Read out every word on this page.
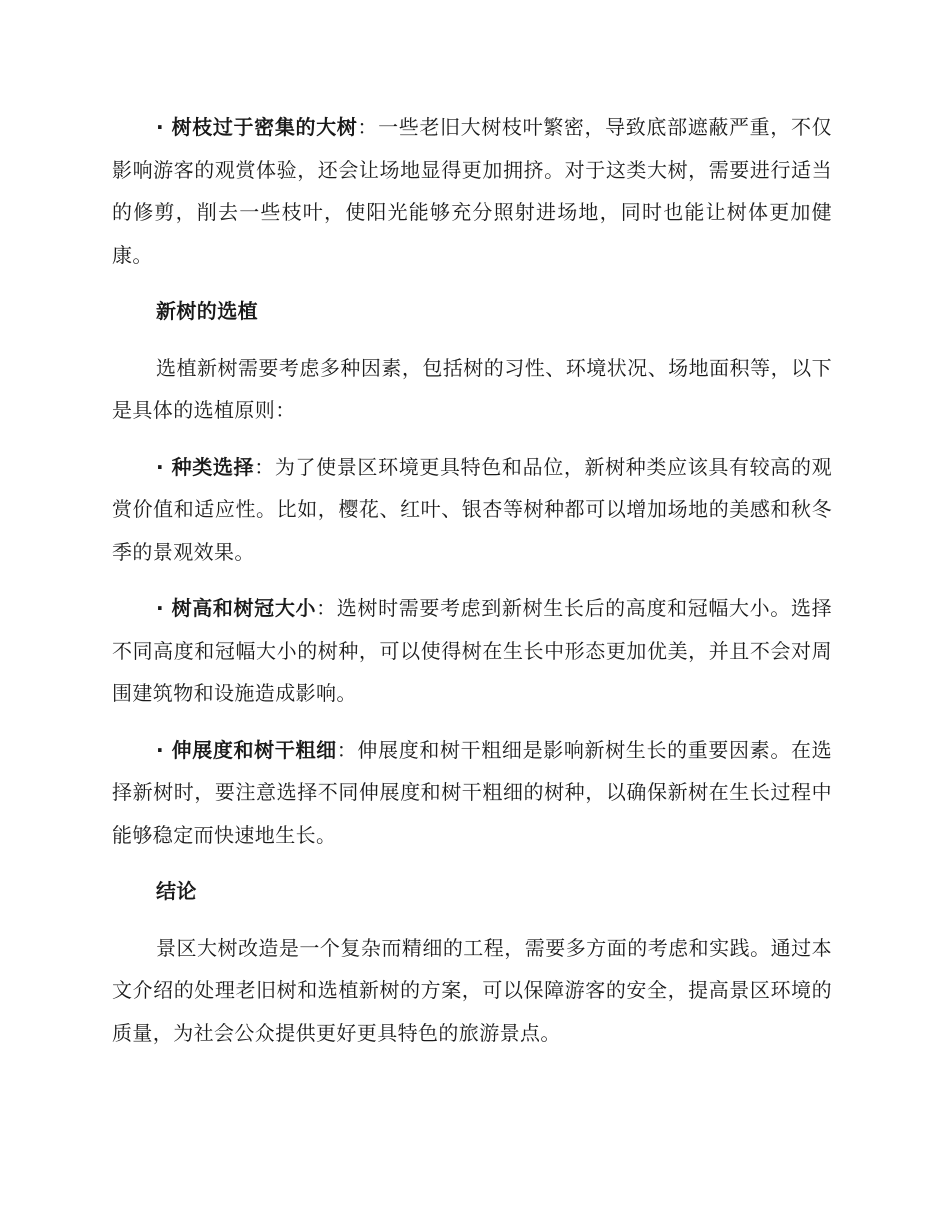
· 树枝过于密集的大树：一些老旧大树枝叶繁密，导致底部遮蔽严重，不仅影响游客的观赏体验，还会让场地显得更加拥挤。对于这类大树，需要进行适当的修剪，削去一些枝叶，使阳光能够充分照射进场地，同时也能让树体更加健康。

新树的选植

选植新树需要考虑多种因素，包括树的习性、环境状况、场地面积等，以下是具体的选植原则：

· 种类选择：为了使景区环境更具特色和品位，新树种类应该具有较高的观赏价值和适应性。比如，樱花、红叶、银杏等树种都可以增加场地的美感和秋冬季的景观效果。

· 树高和树冠大小：选树时需要考虑到新树生长后的高度和冠幅大小。选择不同高度和冠幅大小的树种，可以使得树在生长中形态更加优美，并且不会对周围建筑物和设施造成影响。

· 伸展度和树干粗细：伸展度和树干粗细是影响新树生长的重要因素。在选择新树时，要注意选择不同伸展度和树干粗细的树种，以确保新树在生长过程中能够稳定而快速地生长。

结论

景区大树改造是一个复杂而精细的工程，需要多方面的考虑和实践。通过本文介绍的处理老旧树和选植新树的方案，可以保障游客的安全，提高景区环境的质量，为社会公众提供更好更具特色的旅游景点。
